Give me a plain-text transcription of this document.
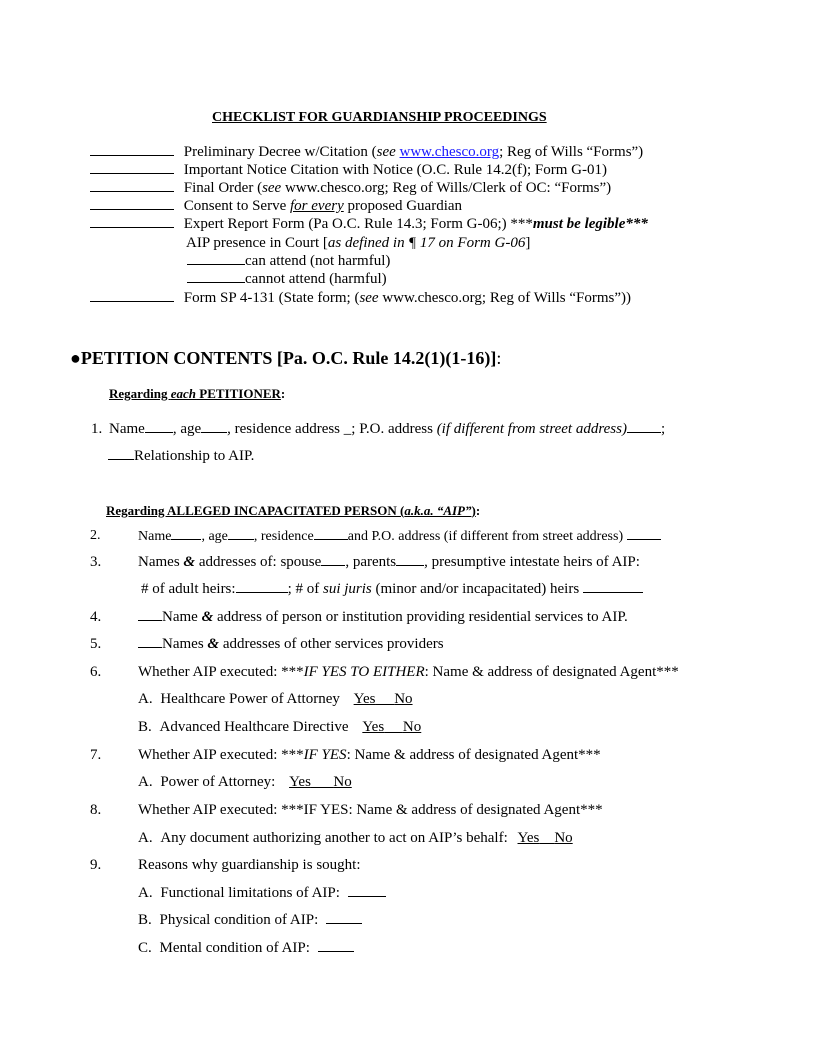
CHECKLIST FOR GUARDIANSHIP PROCEEDINGS
Preliminary Decree w/Citation (see www.chesco.org; Reg of Wills “Forms”)
Important Notice Citation with Notice (O.C. Rule 14.2(f); Form G-01)
Final Order (see www.chesco.org; Reg of Wills/Clerk of OC: “Forms”)
Consent to Serve for every proposed Guardian
Expert Report Form (Pa O.C. Rule 14.3; Form G-06;) ***must be legible***
AIP presence in Court [as defined in ¶ 17 on Form G-06]
can attend (not harmful)
cannot attend (harmful)
Form SP 4-131 (State form; (see www.chesco.org; Reg of Wills “Forms”))
●PETITION CONTENTS [Pa. O.C. Rule 14.2(1)(1-16)]:
Regarding each PETITIONER:
1. Name , age , residence address _; P.O. address (if different from street address) ;
Relationship to AIP.
Regarding ALLEGED INCAPACITATED PERSON (a.k.a. “AIP”):
2.	Name , age , residence and P.O. address (if different from street address)
3. Names & addresses of: spouse , parents , presumptive intestate heirs of AIP:
# of adult heirs:	; # of sui juris (minor and/or incapacitated) heirs
4.	Name & address of person or institution providing residential services to AIP.
5.	Names & addresses of other services providers
6. Whether AIP executed: ***IF YES TO EITHER: Name & address of designated Agent***
A. Healthcare Power of Attorney Yes No
B. Advanced Healthcare Directive Yes No
7. Whether AIP executed: ***IF YES: Name & address of designated Agent***
A. Power of Attorney: Yes No
8. Whether AIP executed: ***IF YES: Name & address of designated Agent***
A. Any document authorizing another to act on AIP’s behalf: Yes No
9. Reasons why guardianship is sought:
A. Functional limitations of AIP:
B. Physical condition of AIP:
C. Mental condition of AIP:
